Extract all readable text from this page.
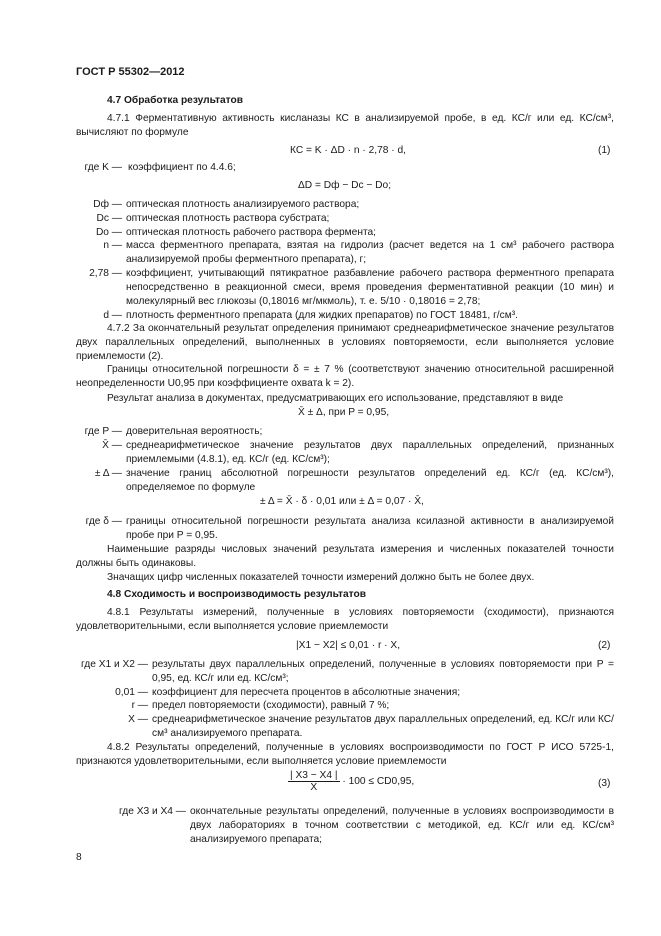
ГОСТ Р 55302—2012
4.7 Обработка результатов
4.7.1 Ферментативную активность кисланазы КС в анализируемой пробе, в ед. КС/г или ед. КС/см³, вычисляют по формуле
КС = K · ΔD · n · 2,78 · d,	(1)
где K — коэффициент по 4.4.6;
ΔD = Dф − Dс − Dо;
Dф — оптическая плотность анализируемого раствора;
Dс — оптическая плотность раствора субстрата;
Dо — оптическая плотность рабочего раствора фермента;
n — масса ферментного препарата, взятая на гидролиз (расчет ведется на 1 см³ рабочего раствора анализируемой пробы ферментного препарата), г;
2,78 — коэффициент, учитывающий пятикратное разбавление рабочего раствора ферментного препарата непосредственно в реакционной смеси, время проведения ферментативной реакции (10 мин) и молекулярный вес глюкозы (0,18016 мг/мкмоль), т. е. 5/10 · 0,18016 = 2,78;
d — плотность ферментного препарата (для жидких препаратов) по ГОСТ 18481, г/см³.
4.7.2 За окончательный результат определения принимают среднеарифметическое значение результатов двух параллельных определений, выполненных в условиях повторяемости, если выполняется условие приемлемости (2).
Границы относительной погрешности δ = ± 7 % (соответствуют значению относительной расширенной неопределенности U0,95 при коэффициенте охвата k = 2).
Результат анализа в документах, предусматривающих его использование, представляют в виде
X̄ ± Δ, при P = 0,95,
где P — доверительная вероятность;
X̄ — среднеарифметическое значение результатов двух параллельных определений, признанных приемлемыми (4.8.1), ед. КС/г (ед. КС/см³);
± Δ — значение границ абсолютной погрешности результатов определений ед. КС/г (ед. КС/см³), определяемое по формуле
± Δ = X̄ · δ · 0,01 или ± Δ = 0,07 · X̄,
где δ — границы относительной погрешности результата анализа ксилазной активности в анализируемой пробе при P = 0,95.
Наименьшие разряды числовых значений результата измерения и численных показателей точности должны быть одинаковы.
Значащих цифр численных показателей точности измерений должно быть не более двух.
4.8 Сходимость и воспроизводимость результатов
4.8.1 Результаты измерений, полученные в условиях повторяемости (сходимости), признаются удовлетворительными, если выполняется условие приемлемости
|X1 − X2| ≤ 0,01 · r · X,	(2)
где X1 и X2 — результаты двух параллельных определений, полученные в условиях повторяемости при P = 0,95, ед. КС/г или ед. КС/см³;
0,01 — коэффициент для пересчета процентов в абсолютные значения;
r — предел повторяемости (сходимости), равный 7 %;
X — среднеарифметическое значение результатов двух параллельных определений, ед. КС/г или КС/см³ анализируемого препарата.
4.8.2 Результаты определений, полученные в условиях воспроизводимости по ГОСТ Р ИСО 5725-1, признаются удовлетворительными, если выполняется условие приемлемости
$\frac{| X3 - X4 |}{X} \cdot 100 \le CD0,95$,	(3)
где X3 и X4 — окончательные результаты определений, полученные в условиях воспроизводимости в двух лабораториях в точном соответствии с методикой, ед. КС/г или ед. КС/см³ анализируемого препарата;
8
